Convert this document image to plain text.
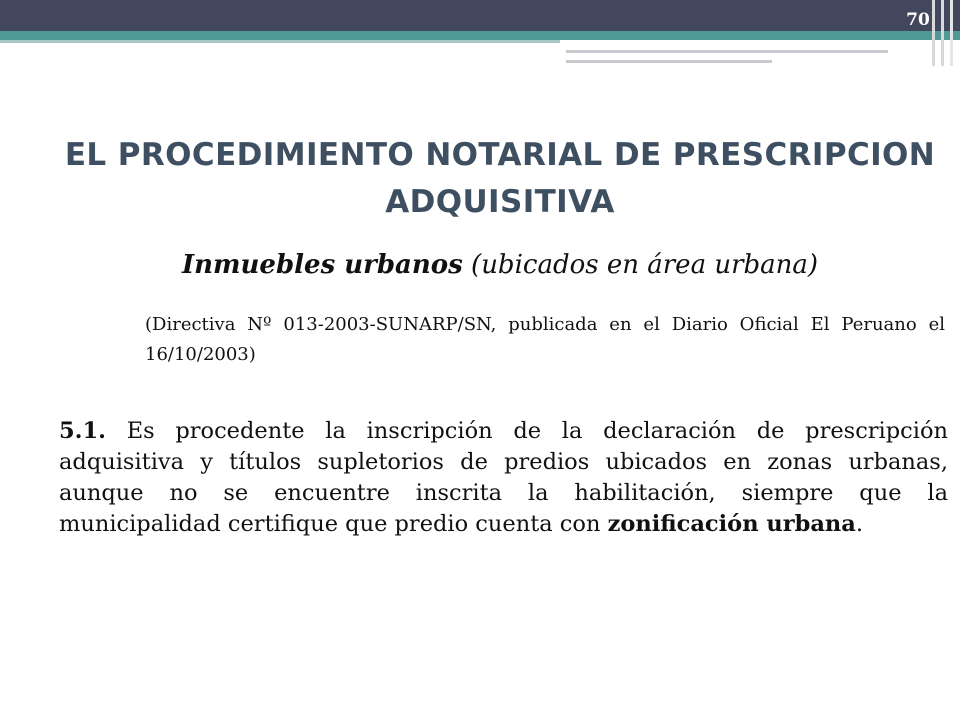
70
EL PROCEDIMIENTO NOTARIAL DE PRESCRIPCION ADQUISITIVA
Inmuebles urbanos (ubicados en área urbana)
(Directiva Nº 013-2003-SUNARP/SN, publicada en el Diario Oficial El Peruano el 16/10/2003)
5.1. Es procedente la inscripción de la declaración de prescripción adquisitiva y títulos supletorios de predios ubicados en zonas urbanas, aunque no se encuentre inscrita la habilitación, siempre que la municipalidad certifique que predio cuenta con zonificación urbana.
